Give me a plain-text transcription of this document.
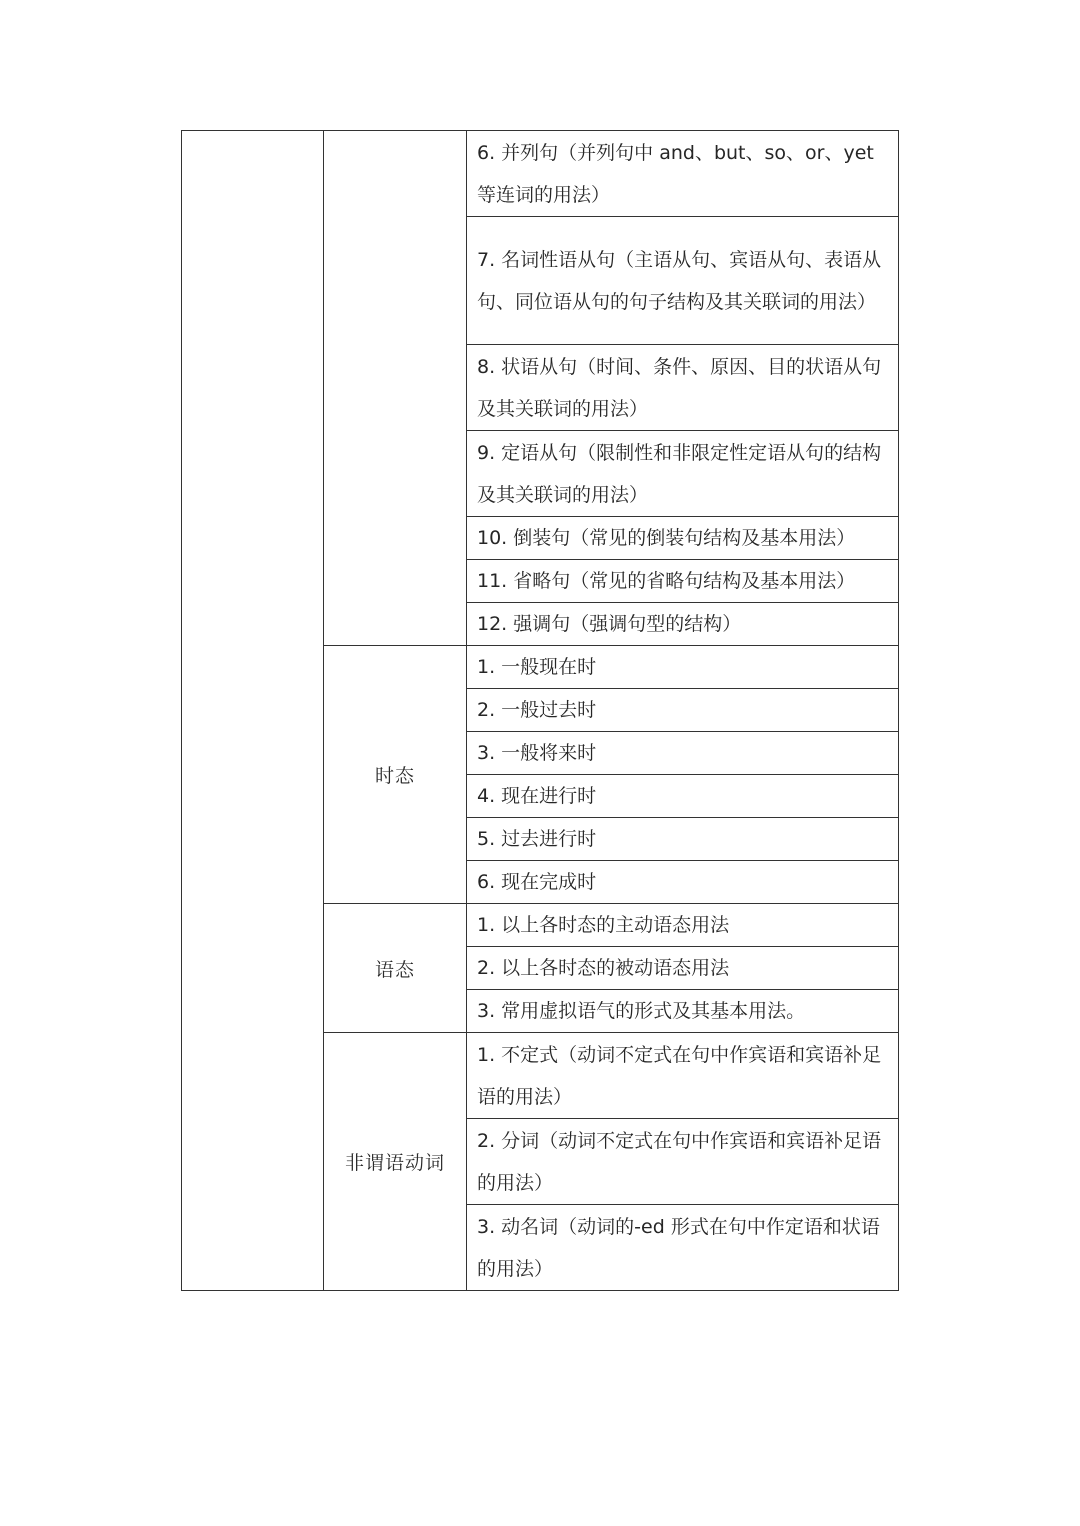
		6. 并列句（并列句中 and、but、so、or、yet 等连词的用法）
		7. 名词性语从句（主语从句、宾语从句、表语从句、同位语从句的句子结构及其关联词的用法）
		8. 状语从句（时间、条件、原因、目的状语从句及其关联词的用法）
		9. 定语从句（限制性和非限定性定语从句的结构及其关联词的用法）
		10. 倒装句（常见的倒装句结构及基本用法）
		11. 省略句（常见的省略句结构及基本用法）
		12. 强调句（强调句型的结构）
	时态	1. 一般现在时
		2. 一般过去时
		3. 一般将来时
		4. 现在进行时
		5. 过去进行时
		6. 现在完成时
	语态	1. 以上各时态的主动语态用法
		2. 以上各时态的被动语态用法
		3. 常用虚拟语气的形式及其基本用法。
	非谓语动词	1. 不定式（动词不定式在句中作宾语和宾语补足语的用法）
		2. 分词（动词不定式在句中作宾语和宾语补足语的用法）
		3. 动名词（动词的-ed 形式在句中作定语和状语的用法）
